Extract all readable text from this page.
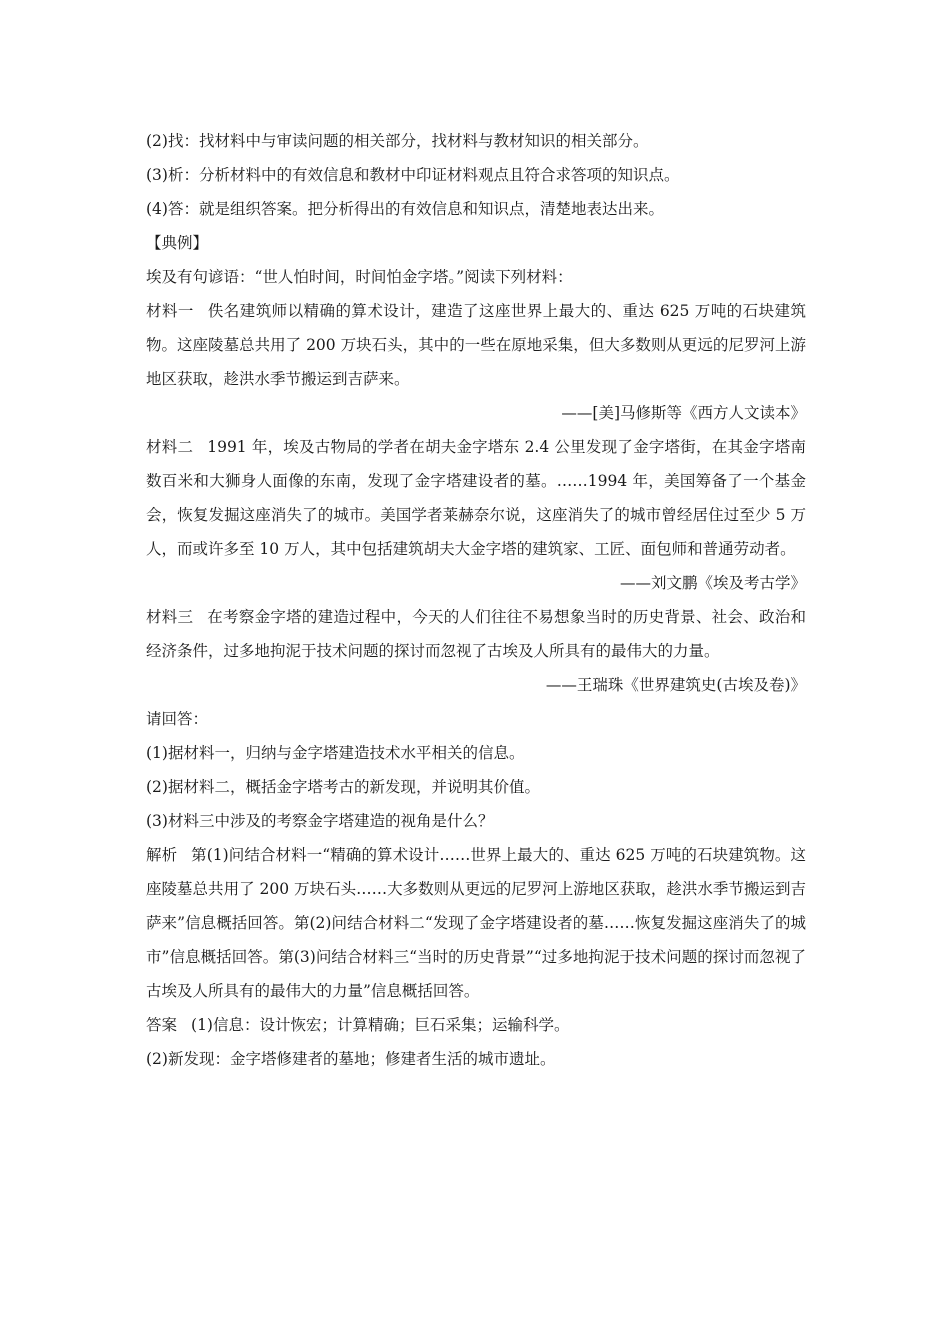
(2)找：找材料中与审读问题的相关部分，找材料与教材知识的相关部分。

(3)析：分析材料中的有效信息和教材中印证材料观点且符合求答项的知识点。

(4)答：就是组织答案。把分析得出的有效信息和知识点，清楚地表达出来。

【典例】

埃及有句谚语：“世人怕时间，时间怕金字塔。”阅读下列材料：

材料一 佚名建筑师以精确的算术设计，建造了这座世界上最大的、重达 625 万吨的石块建筑物。这座陵墓总共用了 200 万块石头，其中的一些在原地采集，但大多数则从更远的尼罗河上游地区获取，趁洪水季节搬运到吉萨来。

——[美]马修斯等《西方人文读本》

材料二 1991 年，埃及古物局的学者在胡夫金字塔东 2.4 公里发现了金字塔街，在其金字塔南数百米和大狮身人面像的东南，发现了金字塔建设者的墓。……1994 年，美国筹备了一个基金会，恢复发掘这座消失了的城市。美国学者莱赫奈尔说，这座消失了的城市曾经居住过至少 5 万人，而或许多至 10 万人，其中包括建筑胡夫大金字塔的建筑家、工匠、面包师和普通劳动者。

——刘文鹏《埃及考古学》

材料三 在考察金字塔的建造过程中，今天的人们往往不易想象当时的历史背景、社会、政治和经济条件，过多地拘泥于技术问题的探讨而忽视了古埃及人所具有的最伟大的力量。

——王瑞珠《世界建筑史(古埃及卷)》

请回答：

(1)据材料一，归纳与金字塔建造技术水平相关的信息。

(2)据材料二，概括金字塔考古的新发现，并说明其价值。

(3)材料三中涉及的考察金字塔建造的视角是什么？

解析 第(1)问结合材料一“精确的算术设计……世界上最大的、重达 625 万吨的石块建筑物。这座陵墓总共用了 200 万块石头……大多数则从更远的尼罗河上游地区获取，趁洪水季节搬运到吉萨来”信息概括回答。第(2)问结合材料二“发现了金字塔建设者的墓……恢复发掘这座消失了的城市”信息概括回答。第(3)问结合材料三“当时的历史背景”“过多地拘泥于技术问题的探讨而忽视了古埃及人所具有的最伟大的力量”信息概括回答。

答案 (1)信息：设计恢宏；计算精确；巨石采集；运输科学。

(2)新发现：金字塔修建者的墓地；修建者生活的城市遗址。
